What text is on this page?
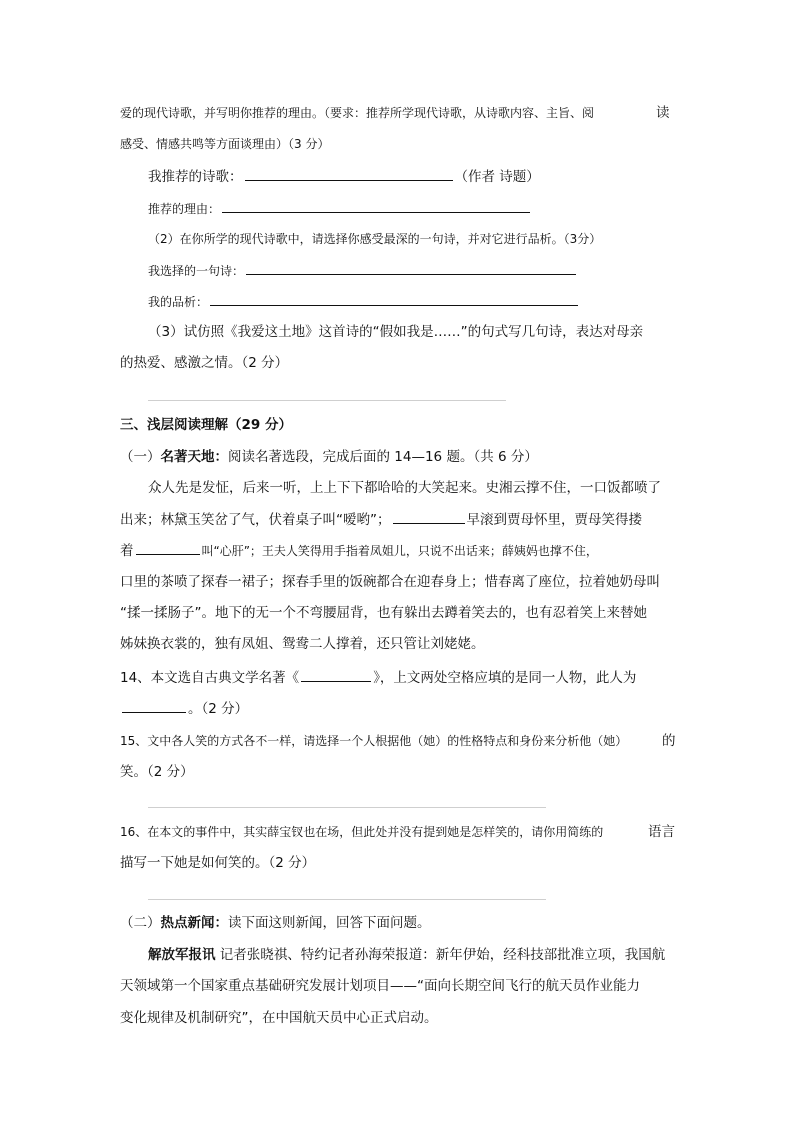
爱的现代诗歌，并写明你推荐的理由。（要求：推荐所学现代诗歌，从诗歌内容、主旨、阅	读
感受、情感共鸣等方面谈理由）（3 分）
我推荐的诗歌：	（作者 诗题）
推荐的理由：
（2）在你所学的现代诗歌中，请选择你感受最深的一句诗，并对它进行品析。（3分）
我选择的一句诗：
我的品析：
（3）试仿照《我爱这土地》这首诗的“假如我是……”的句式写几句诗，表达对母亲
的热爱、感激之情。（2 分）
三、浅层阅读理解（29 分）
（一）名著天地：阅读名著选段，完成后面的 14—16 题。（共 6 分）
众人先是发怔，后来一听，上上下下都哈哈的大笑起来。史湘云撑不住，一口饭都喷了
出来；林黛玉笑岔了气，伏着桌子叫“嗳哟”；	早滚到贾母怀里，贾母笑得搂
着	叫“心肝”；王夫人笑得用手指着凤姐儿，只说不出话来；薛姨妈也撑不住，
口里的茶喷了探春一裙子；探春手里的饭碗都合在迎春身上；惜春离了座位，拉着她奶母叫
“揉一揉肠子”。地下的无一个不弯腰屈背，也有躲出去蹲着笑去的，也有忍着笑上来替她
姊妹换衣裳的，独有凤姐、鸳鸯二人撑着，还只管让刘姥姥。
14、本文选自古典文学名著《	》，上文两处空格应填的是同一人物，此人为
。（2 分）
15、文中各人笑的方式各不一样，请选择一个人根据他（她）的性格特点和身份来分析他（她）	的
笑。（2 分）
16、在本文的事件中，其实薛宝钗也在场，但此处并没有提到她是怎样笑的，请你用简练的	语言
描写一下她是如何笑的。（2 分）
（二）热点新闻：读下面这则新闻，回答下面问题。
解放军报讯 记者张晓祺、特约记者孙海荣报道：新年伊始，经科技部批准立项，我国航
天领域第一个国家重点基础研究发展计划项目——“面向长期空间飞行的航天员作业能力
变化规律及机制研究”，在中国航天员中心正式启动。
